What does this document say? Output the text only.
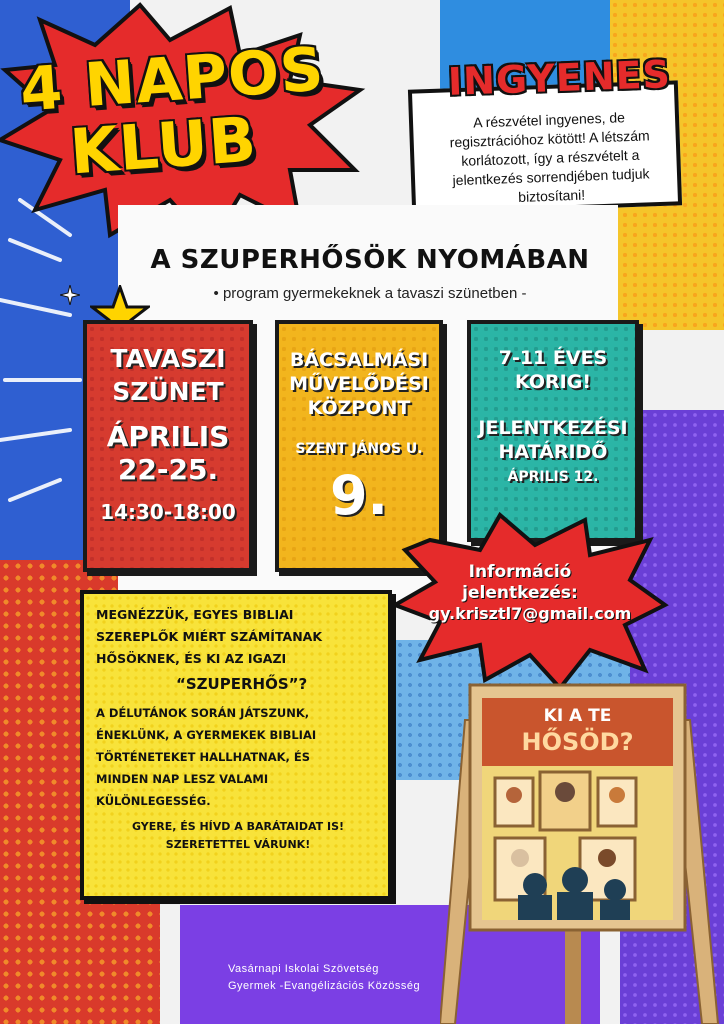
4 NAPOS
KLUB	A részvétel ingyenes, de regisztrációhoz kötött! A létszám korlátozott, így a részvételt a jelentkezés sorrendjében tudjuk biztosítani!
INGYENES
A SZUPERHŐSÖK NYOMÁBAN
• program gyermekeknek a tavaszi szünetben -
TAVASZI
SZÜNET
ÁPRILIS
22-25.
14:30-18:00
BÁCSALMÁSI
MŰVELŐDÉSI
KÖZPONT
SZENT JÁNOS U.
9.
7-11 ÉVES
KORIG!
JELENTKEZÉSI
HATÁRIDŐ
ÁPRILIS 12.
Információ
jelentkezés:
gy.krisztl7@gmail.com
MEGNÉZZÜK, EGYES BIBLIAI
SZEREPLŐK MIÉRT SZÁMÍTANAK
HŐSÖKNEK, ÉS KI AZ IGAZI
“SZUPERHŐS”?
A DÉLUTÁNOK SORÁN JÁTSZUNK,
ÉNEKLÜNK, A GYERMEKEK BIBLIAI
TÖRTÉNETEKET HALLHATNAK, ÉS
MINDEN NAP LESZ VALAMI
KÜLÖNLEGESSÉG.
GYERE, ÉS HÍVD A BARÁTAIDAT IS!
SZERETETTEL VÁRUNK!
KI A TE
HŐSÖD?
Vasárnapi Iskolai Szövetség
Gyermek -Evangélizációs Közösség
